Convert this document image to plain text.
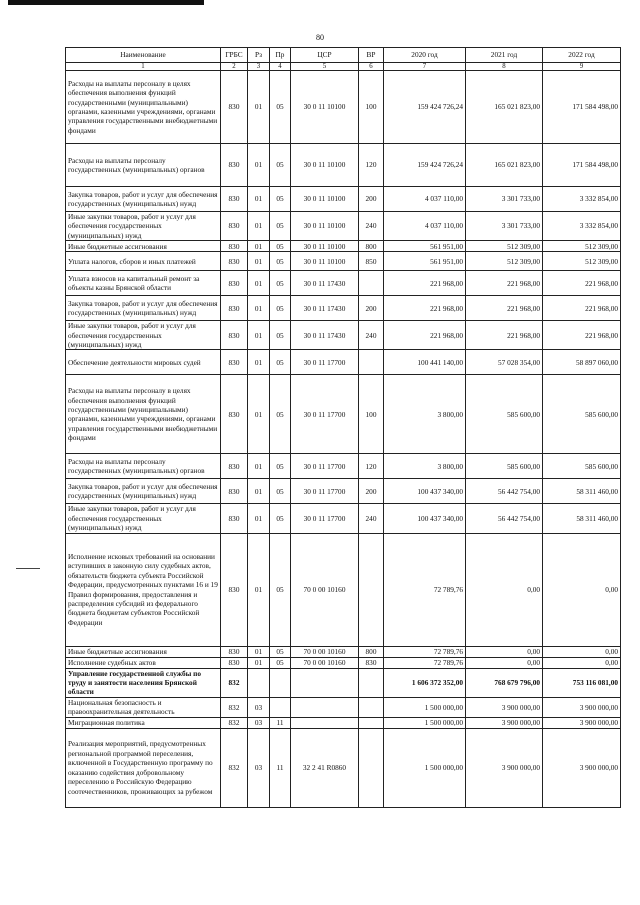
80
Наименование	ГРБС	Рз	Пр	ЦСР	ВР	2020 год	2021 год	2022 год
1	2	3	4	5	6	7	8	9
Расходы на выплаты персоналу в целях обеспечения выполнения функций государственными (муниципальными) органами, казенными учреждениями, органами управления государственными внебюджетными фондами	830	01	05	30 0 11 10100	100	159 424 726,24	165 021 823,00	171 584 498,00
Расходы на выплаты персоналу государственных (муниципальных) органов	830	01	05	30 0 11 10100	120	159 424 726,24	165 021 823,00	171 584 498,00
Закупка товаров, работ и услуг для обеспечения государственных (муниципальных) нужд	830	01	05	30 0 11 10100	200	4 037 110,00	3 301 733,00	3 332 854,00
Иные закупки товаров, работ и услуг для обеспечения государственных (муниципальных) нужд	830	01	05	30 0 11 10100	240	4 037 110,00	3 301 733,00	3 332 854,00
Иные бюджетные ассигнования	830	01	05	30 0 11 10100	800	561 951,00	512 309,00	512 309,00
Уплата налогов, сборов и иных платежей	830	01	05	30 0 11 10100	850	561 951,00	512 309,00	512 309,00
Уплата взносов на капитальный ремонт за объекты казны Брянской области	830	01	05	30 0 11 17430		221 968,00	221 968,00	221 968,00
Закупка товаров, работ и услуг для обеспечения государственных (муниципальных) нужд	830	01	05	30 0 11 17430	200	221 968,00	221 968,00	221 968,00
Иные закупки товаров, работ и услуг для обеспечения государственных (муниципальных) нужд	830	01	05	30 0 11 17430	240	221 968,00	221 968,00	221 968,00
Обеспечение деятельности мировых судей	830	01	05	30 0 11 17700		100 441 140,00	57 028 354,00	58 897 060,00
Расходы на выплаты персоналу в целях обеспечения выполнения функций государственными (муниципальными) органами, казенными учреждениями, органами управления государственными внебюджетными фондами	830	01	05	30 0 11 17700	100	3 800,00	585 600,00	585 600,00
Расходы на выплаты персоналу государственных (муниципальных) органов	830	01	05	30 0 11 17700	120	3 800,00	585 600,00	585 600,00
Закупка товаров, работ и услуг для обеспечения государственных (муниципальных) нужд	830	01	05	30 0 11 17700	200	100 437 340,00	56 442 754,00	58 311 460,00
Иные закупки товаров, работ и услуг для обеспечения государственных (муниципальных) нужд	830	01	05	30 0 11 17700	240	100 437 340,00	56 442 754,00	58 311 460,00
Исполнение исковых требований на основании вступивших в законную силу судебных актов, обязательств бюджета субъекта Российской Федерации, предусмотренных пунктами 16 и 19 Правил формирования, предоставления и распределения субсидий из федерального бюджета бюджетам субъектов Российской Федерации	830	01	05	70 0 00 10160		72 789,76	0,00	0,00
Иные бюджетные ассигнования	830	01	05	70 0 00 10160	800	72 789,76	0,00	0,00
Исполнение судебных актов	830	01	05	70 0 00 10160	830	72 789,76	0,00	0,00
Управление государственной службы по труду и занятости населения Брянской области	832					1 606 372 352,00	768 679 796,00	753 116 081,00
Национальная безопасность и правоохранительная деятельность	832	03				1 500 000,00	3 900 000,00	3 900 000,00
Миграционная политика	832	03	11			1 500 000,00	3 900 000,00	3 900 000,00
Реализация мероприятий, предусмотренных региональной программой переселения, включенной в Государственную программу по оказанию содействия добровольному переселению в Российскую Федерацию соотечественников, проживающих за рубежом	832	03	11	32 2 41 R0860		1 500 000,00	3 900 000,00	3 900 000,00
